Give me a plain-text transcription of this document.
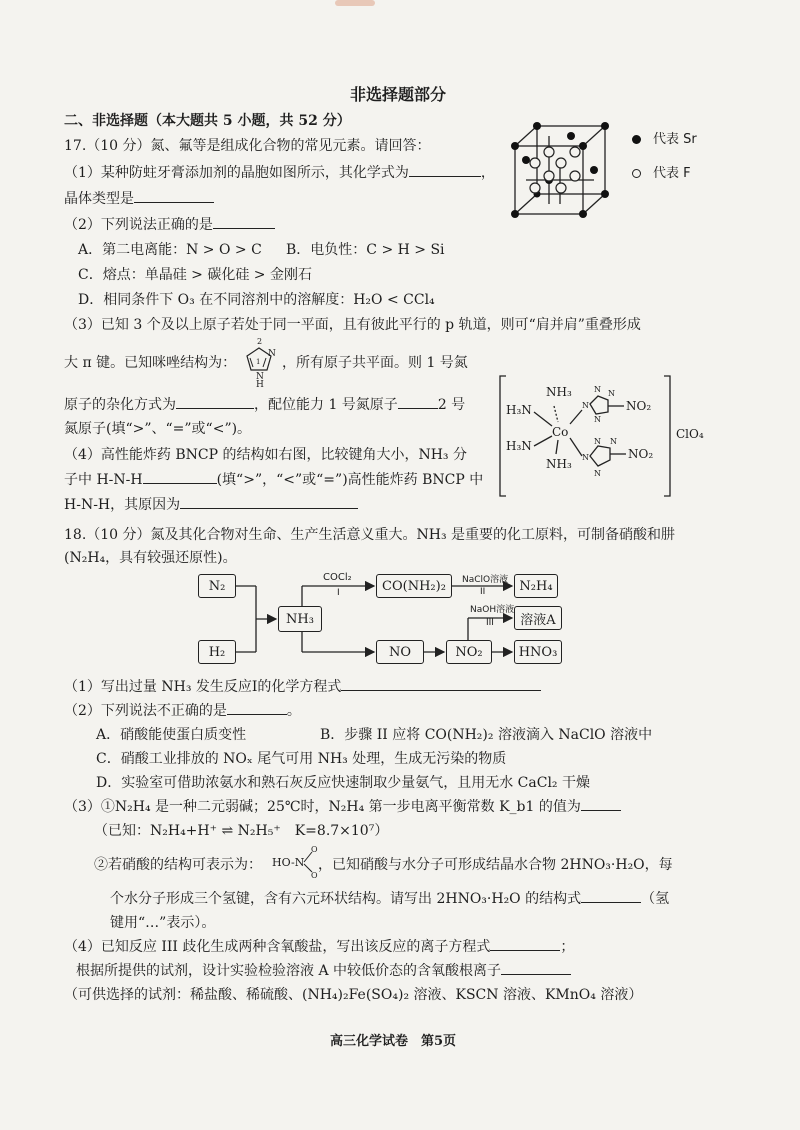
非选择题部分
二、非选择题（本大题共 5 小题，共 52 分）
17.（10 分）氮、氟等是组成化合物的常见元素。请回答：
（1）某种防蛀牙膏添加剂的晶胞如图所示，其化学式为	，
晶体类型是
代表 Sr
代表 F
（2）下列说法正确的是
A．第二电离能：N > O > C B．电负性：C > H > Si
C．熔点：单晶硅 > 碳化硅 > 金刚石
D．相同条件下 O₃ 在不同溶剂中的溶解度：H₂O < CCl₄
（3）已知 3 个及以上原子若处于同一平面，且有彼此平行的 p 轨道，则可“肩并肩”重叠形成
大 π 键。已知咪唑结构为：
2
N
1
N
H
，所有原子共平面。则 1 号氮
原子的杂化方式为	，配位能力 1 号氮原子	2 号
氮原子(填“>”、“=”或“<”)。
（4）高性能炸药 BNCP 的结构如右图，比较键角大小，NH₃ 分
子中 H-N-H	(填“>”，“<”或“=”)高性能炸药 BNCP 中
H-N-H，其原因为
NH₃
H₃N
Co
H₃N
NH₃
NO₂
NO₂
ClO₄
N N
N
N
N N
N
N
18.（10 分）氮及其化合物对生命、生产生活意义重大。NH₃ 是重要的化工原料，可制备硝酸和肼
(N₂H₄，具有较强还原性)。
N₂
H₂
NH₃
COCl₂
I	CO(NH₂)₂	NaClO溶液
II	N₂H₄
NaOH溶液
III	溶液A
NO	NO₂	HNO₃
（1）写出过量 NH₃ 发生反应Ⅰ的化学方程式
（2）下列说法不正确的是	。
A．硝酸能使蛋白质变性	B．步骤 II 应将 CO(NH₂)₂ 溶液滴入 NaClO 溶液中
C．硝酸工业排放的 NOₓ 尾气可用 NH₃ 处理，生成无污染的物质
D．实验室可借助浓氨水和熟石灰反应快速制取少量氨气，且用无水 CaCl₂ 干燥
（3）①N₂H₄ 是一种二元弱碱；25℃时，N₂H₄ 第一步电离平衡常数 K_b1 的值为
（已知：N₂H₄+H⁺ ⇌ N₂H₅⁺　K=8.7×10⁷）
②若硝酸的结构可表示为： HO-N
O
O
，已知硝酸与水分子可形成结晶水合物 2HNO₃·H₂O，每
个水分子形成三个氢键，含有六元环状结构。请写出 2HNO₃·H₂O 的结构式	（氢
键用“…”表示）。
（4）已知反应 III 歧化生成两种含氧酸盐，写出该反应的离子方程式	；
根据所提供的试剂，设计实验检验溶液 A 中较低价态的含氧酸根离子
（可供选择的试剂：稀盐酸、稀硫酸、(NH₄)₂Fe(SO₄)₂ 溶液、KSCN 溶液、KMnO₄ 溶液）
高三化学试卷　第5页
